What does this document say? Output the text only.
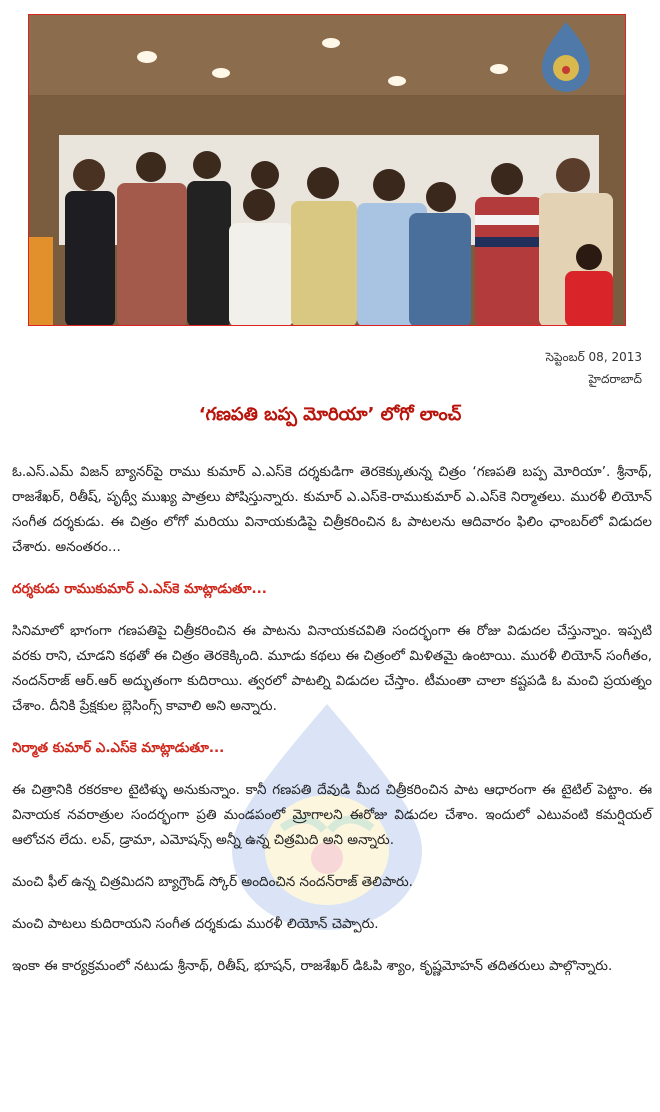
సెప్టెంబర్ 08, 2013
హైదరాబాద్
‘గణపతి బప్ప మోరియా’ లోగో లాంచ్

ఓ.ఎస్.ఎమ్ విజన్ బ్యానర్‌పై రాము కుమార్ ఎ.ఎస్‌కె దర్శకుడిగా తెరకెక్కుతున్న చిత్రం ‘గణపతి బప్ప మోరియా’. శ్రీనాథ్, రాజశేఖర్, రితీష్, పృథ్వీ ముఖ్య పాత్రలు పోషిస్తున్నారు. కుమార్ ఎ.ఎస్‌కె-రాముకుమార్ ఎ.ఎస్‌కె నిర్మాతలు. మురళీ లియోన్ సంగీత దర్శకుడు. ఈ చిత్రం లోగో మరియు వినాయకుడిపై చిత్రీకరించిన ఓ పాటలను ఆదివారం ఫిలిం ఛాంబర్‌లో విడుదల చేశారు. అనంతరం...

దర్శకుడు రాముకుమార్ ఎ.ఎస్‌కె మాట్లాడుతూ...

సినిమాలో భాగంగా గణపతిపై చిత్రీకరించిన ఈ పాటను వినాయకచవితి సందర్భంగా ఈ రోజు విడుదల చేస్తున్నాం. ఇప్పటి వరకు రాని, చూడని కథతో ఈ చిత్రం తెరకెక్కింది. మూడు కథలు ఈ చిత్రంలో మిళితమై ఉంటాయి. మురళీ లియోన్ సంగీతం, నందన్‌రాజ్ ఆర్.ఆర్ అద్భుతంగా కుదిరాయి. త్వరలో పాటల్ని విడుదల చేస్తాం. టీమంతా చాలా కష్టపడి ఓ మంచి ప్రయత్నం చేశాం. దీనికి ప్రేక్షకుల బ్లెసింగ్స్ కావాలి అని అన్నారు.

నిర్మాత కుమార్ ఎ.ఎస్‌కె మాట్లాడుతూ...

ఈ చిత్రానికి రకరకాల టైటిళ్ళు అనుకున్నాం. కానీ గణపతి దేవుడి మీద చిత్రీకరించిన పాట ఆధారంగా ఈ టైటిల్ పెట్టాం. ఈ వినాయక నవరాత్రుల సందర్భంగా ప్రతి మండపంలో మ్రోగాలని ఈరోజు విడుదల చేశాం. ఇందులో ఎటువంటి కమర్షియల్ ఆలోచన లేదు. లవ్, డ్రామా, ఎమోషన్స్ అన్నీ ఉన్న చిత్రమిది అని అన్నారు.

మంచి ఫీల్ ఉన్న చిత్రమిదని బ్యాగ్రౌండ్ స్కోర్ అందించిన నందన్‌రాజ్ తెలిపారు.

మంచి పాటలు కుదిరాయని సంగీత దర్శకుడు మురళీ లియోన్ చెప్పారు.

ఇంకా ఈ కార్యక్రమంలో నటుడు శ్రీనాథ్, రితీష్, భూషన్, రాజశేఖర్ డిఓపి శ్యాం, కృష్ణమోహన్ తదితరులు పాల్గొన్నారు.
